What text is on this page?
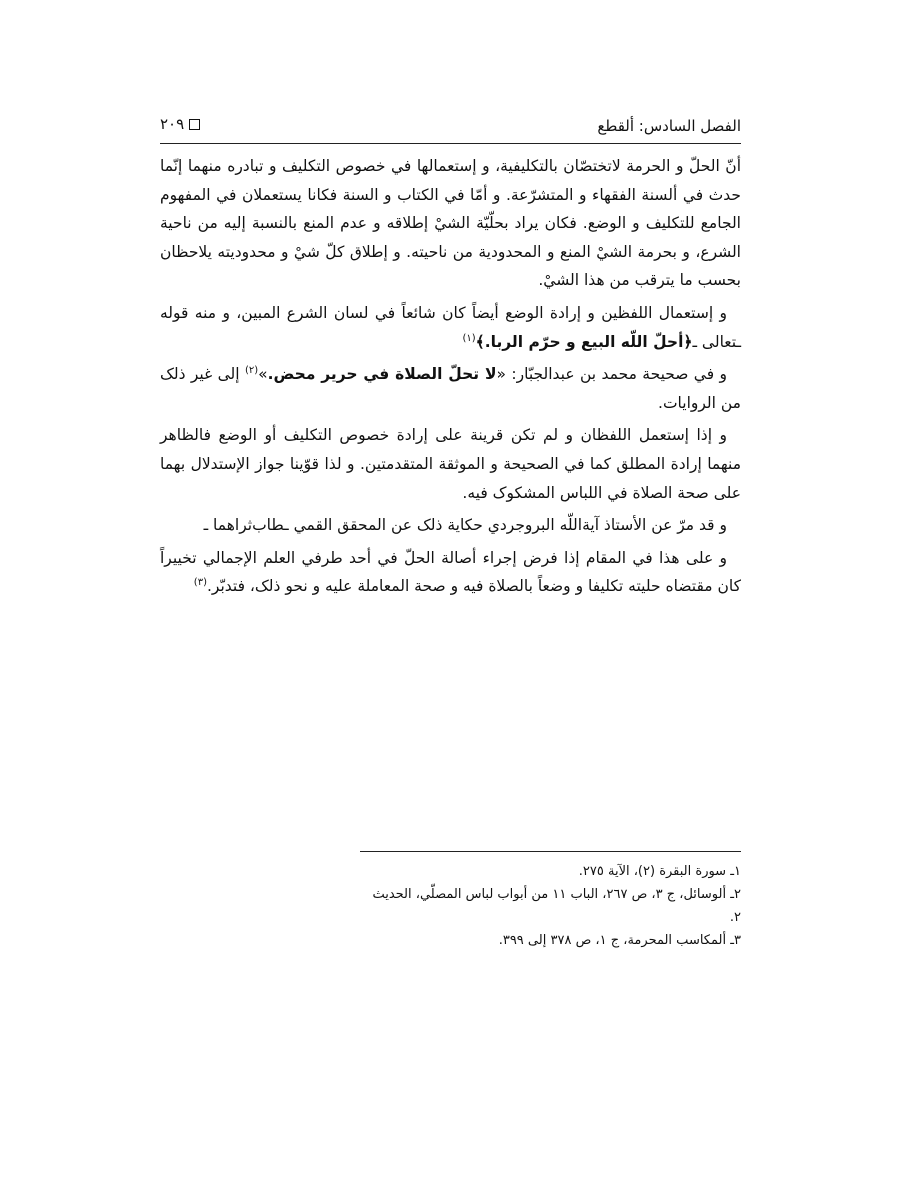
الفصل السادس: ألقطع
٢٠٩

أنّ الحلّ و الحرمة لاتختصّان بالتكليفية، و إستعمالها في خصوص التكليف و تبادره منهما إنّما حدث في ألسنة الفقهاء و المتشرّعة. و أمّا في الكتاب و السنة فكانا يستعملان في المفهوم الجامع للتكليف و الوضع. فكان يراد بحلّيّة الشيْ إطلاقه و عدم المنع بالنسبة إليه من ناحية الشرع، و بحرمة الشيْ المنع و المحدودية من ناحيته. و إطلاق كلّ شيْ و محدوديته يلاحظان بحسب ما يترقب من هذا الشيْ.

و إستعمال اللفظين و إرادة الوضع أيضاً كان شائعاً في لسان الشرع المبين، و منه قوله ـتعالى ـ﴿أحلّ اللّه البيع و حرّم الربا.﴾$^{(١)}$

و في صحيحة محمد بن عبدالجبّار: «لا تحلّ الصلاة في حرير محض.»$^{(٢)}$ إلى غير ذلک من الروايات.

و إذا إستعمل اللفظان و لم تكن قرينة على إرادة خصوص التكليف أو الوضع فالظاهر منهما إرادة المطلق كما في الصحيحة و الموثقة المتقدمتين. و لذا قوّينا جواز الإستدلال بهما على صحة الصلاة في اللباس المشكوک فيه.

و قد مرّ عن الأستاذ آيةاللّه البروجردي حكاية ذلک عن المحقق القمي ـطاب‌ثراهما ـ

و على هذا في المقام إذا فرض إجراء أصالة الحلّ في أحد طرفي العلم الإجمالي تخييراً كان مقتضاه حليته تكليفا و وضعاً بالصلاة فيه و صحة المعاملة عليه و نحو ذلک، فتدبّر.$^{(٣)}$

١ـ سورة البقرة (٢)، الآية ٢٧٥.

٢ـ ألوسائل، ج ٣، ص ٢٦٧، الباب ١١ من أبواب لباس المصلّي، الحديث ٢.

٣ـ ألمكاسب المحرمة، ج ١، ص ٣٧٨ إلى ٣٩٩.
